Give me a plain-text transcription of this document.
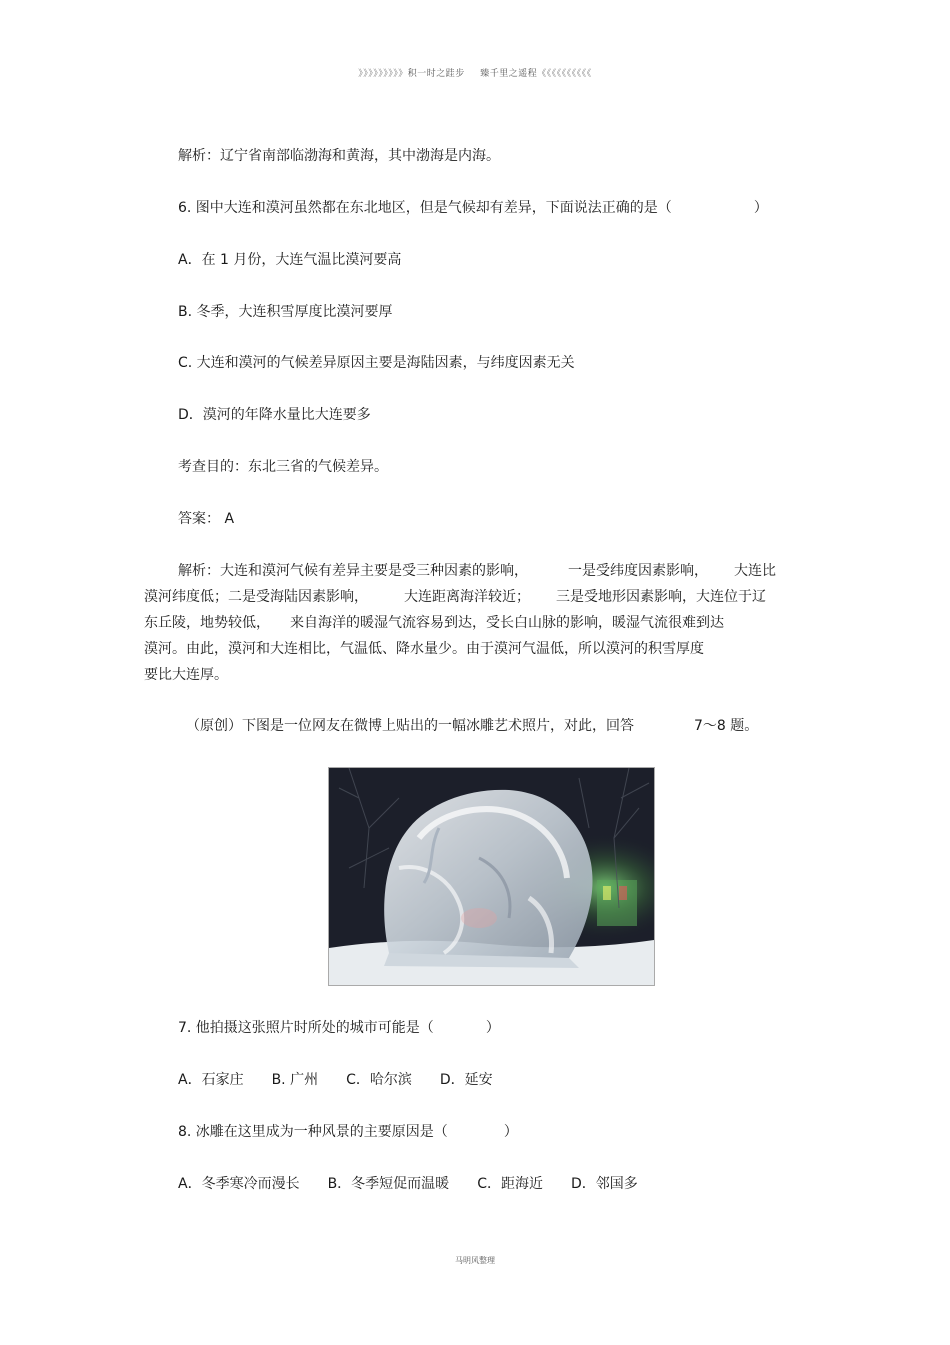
》》》》》》》》》积一时之跬步 臻千里之遥程《《《《《《《《《《
解析：辽宁省南部临渤海和黄海，其中渤海是内海。
6. 图中大连和漠河虽然都在东北地区，但是气候却有差异，下面说法正确的是（	）
A．在 1 月份，大连气温比漠河要高
B. 冬季，大连积雪厚度比漠河要厚
C. 大连和漠河的气候差异原因主要是海陆因素，与纬度因素无关
D．漠河的年降水量比大连要多
考查目的：东北三省的气候差异。
答案： A
解析：大连和漠河气候有差异主要是受三种因素的影响，	一是受纬度因素影响， 大连比
漠河纬度低；二是受海陆因素影响，	大连距离海洋较近； 三是受地形因素影响，大连位于辽
东丘陵，地势较低， 来自海洋的暖湿气流容易到达，受长白山脉的影响，暖湿气流很难到达
漠河。由此，漠河和大连相比，气温低、降水量少。由于漠河气温低，所以漠河的积雪厚度
要比大连厚。
（原创）下图是一位网友在微博上贴出的一幅冰雕艺术照片，对此，回答	7～8 题。
7. 他拍摄这张照片时所处的城市可能是（	）
A．石家庄 B. 广州 C．哈尔滨 D．延安
8. 冰雕在这里成为一种风景的主要原因是（	）
A．冬季寒冷而漫长 B．冬季短促而温暖 C．距海近 D．邻国多
马明风整理
